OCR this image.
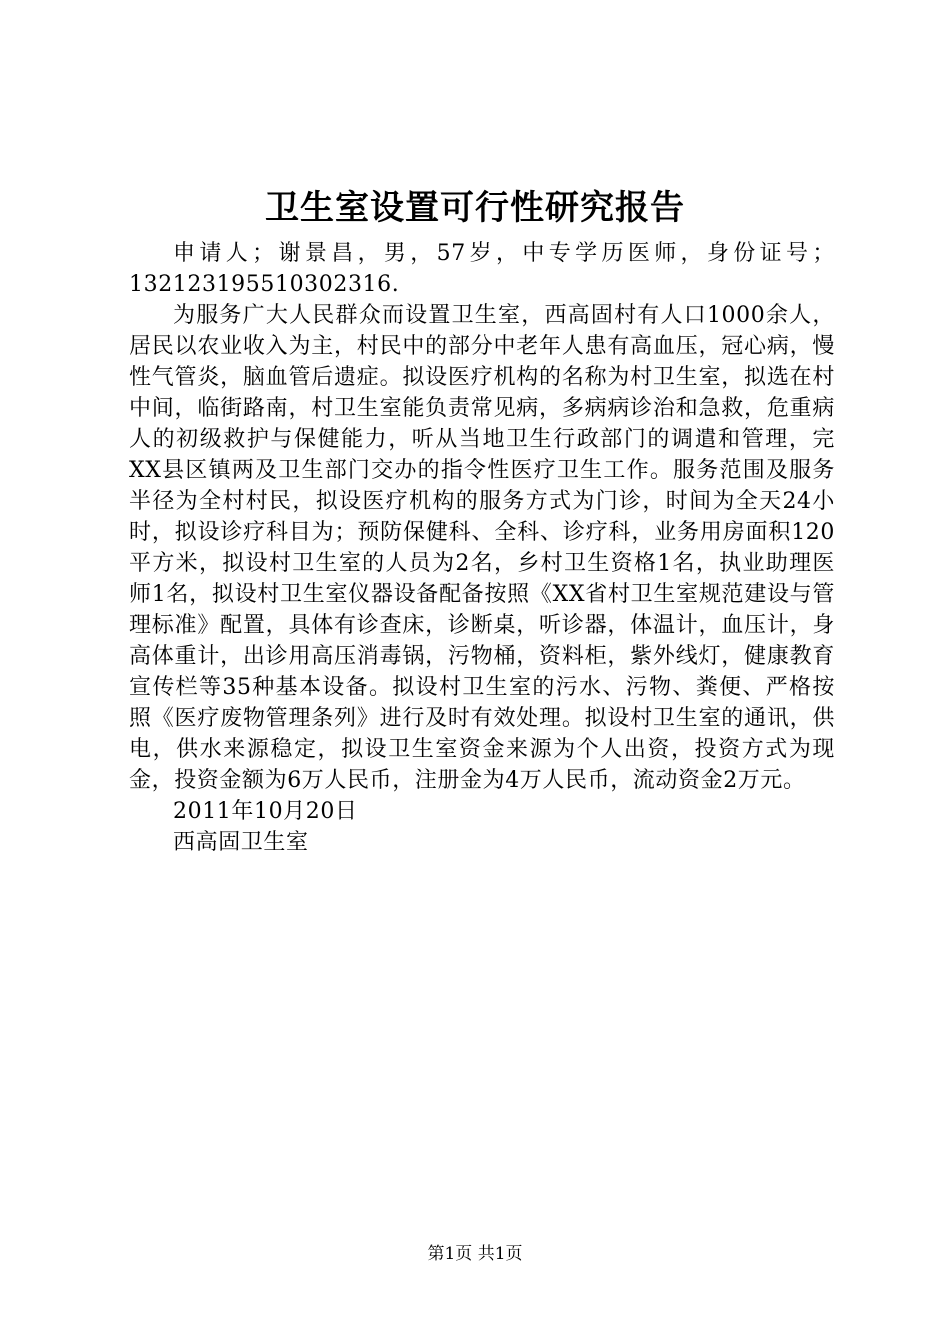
卫生室设置可行性研究报告

申请人；谢景昌，男，57岁，中专学历医师，身份证号；13212319551030​2316.

为服务广大人民群众而设置卫生室，西高固村有人口1000余人，居民以农业收入为主，村民中的部分中老年人患有高血压，冠心病，慢性气管炎，脑血管后遗症。拟设医疗机构的名称为村卫生室，拟选在村中间，临街路南，村卫生室能负责常见病，多病病诊治和急救，危重病人的初级救护与保健能力，听从当地卫生行政部门的调遣和管理，完XX县区镇两及卫生部门交办的指令性医疗卫生工作。服务范围及服务半径为全村村民，拟设医疗机构的服务方式为门诊，时间为全天24小时，拟设诊疗科目为；预防保健科、全科、诊疗科，业务用房面积120平方米，拟设村卫生室的人员为2名，乡村卫生资格1名，执业助理医师1名，拟设村卫生室仪器设备配备按照《XX省村卫生室规范建设与管理标准》配置，具体有诊查床，诊断桌，听诊器，体温计，血压计，身高体重计，出诊用高压消毒锅，污物桶，资料柜，紫外线灯，健康教育宣传栏等35种基本设备。拟设村卫生室的污水、污物、粪便、严格按照《医疗废物管理条列》进行及时有效处理。拟设村卫生室的通讯，供电，供水来源稳定，拟设卫生室资金来源为个人出资，投资方式为现金，投资金额为6万人民币，注册金为4万人民币，流动资金2万元。

2011年10月20日

西高固卫生室

第1页 共1页
